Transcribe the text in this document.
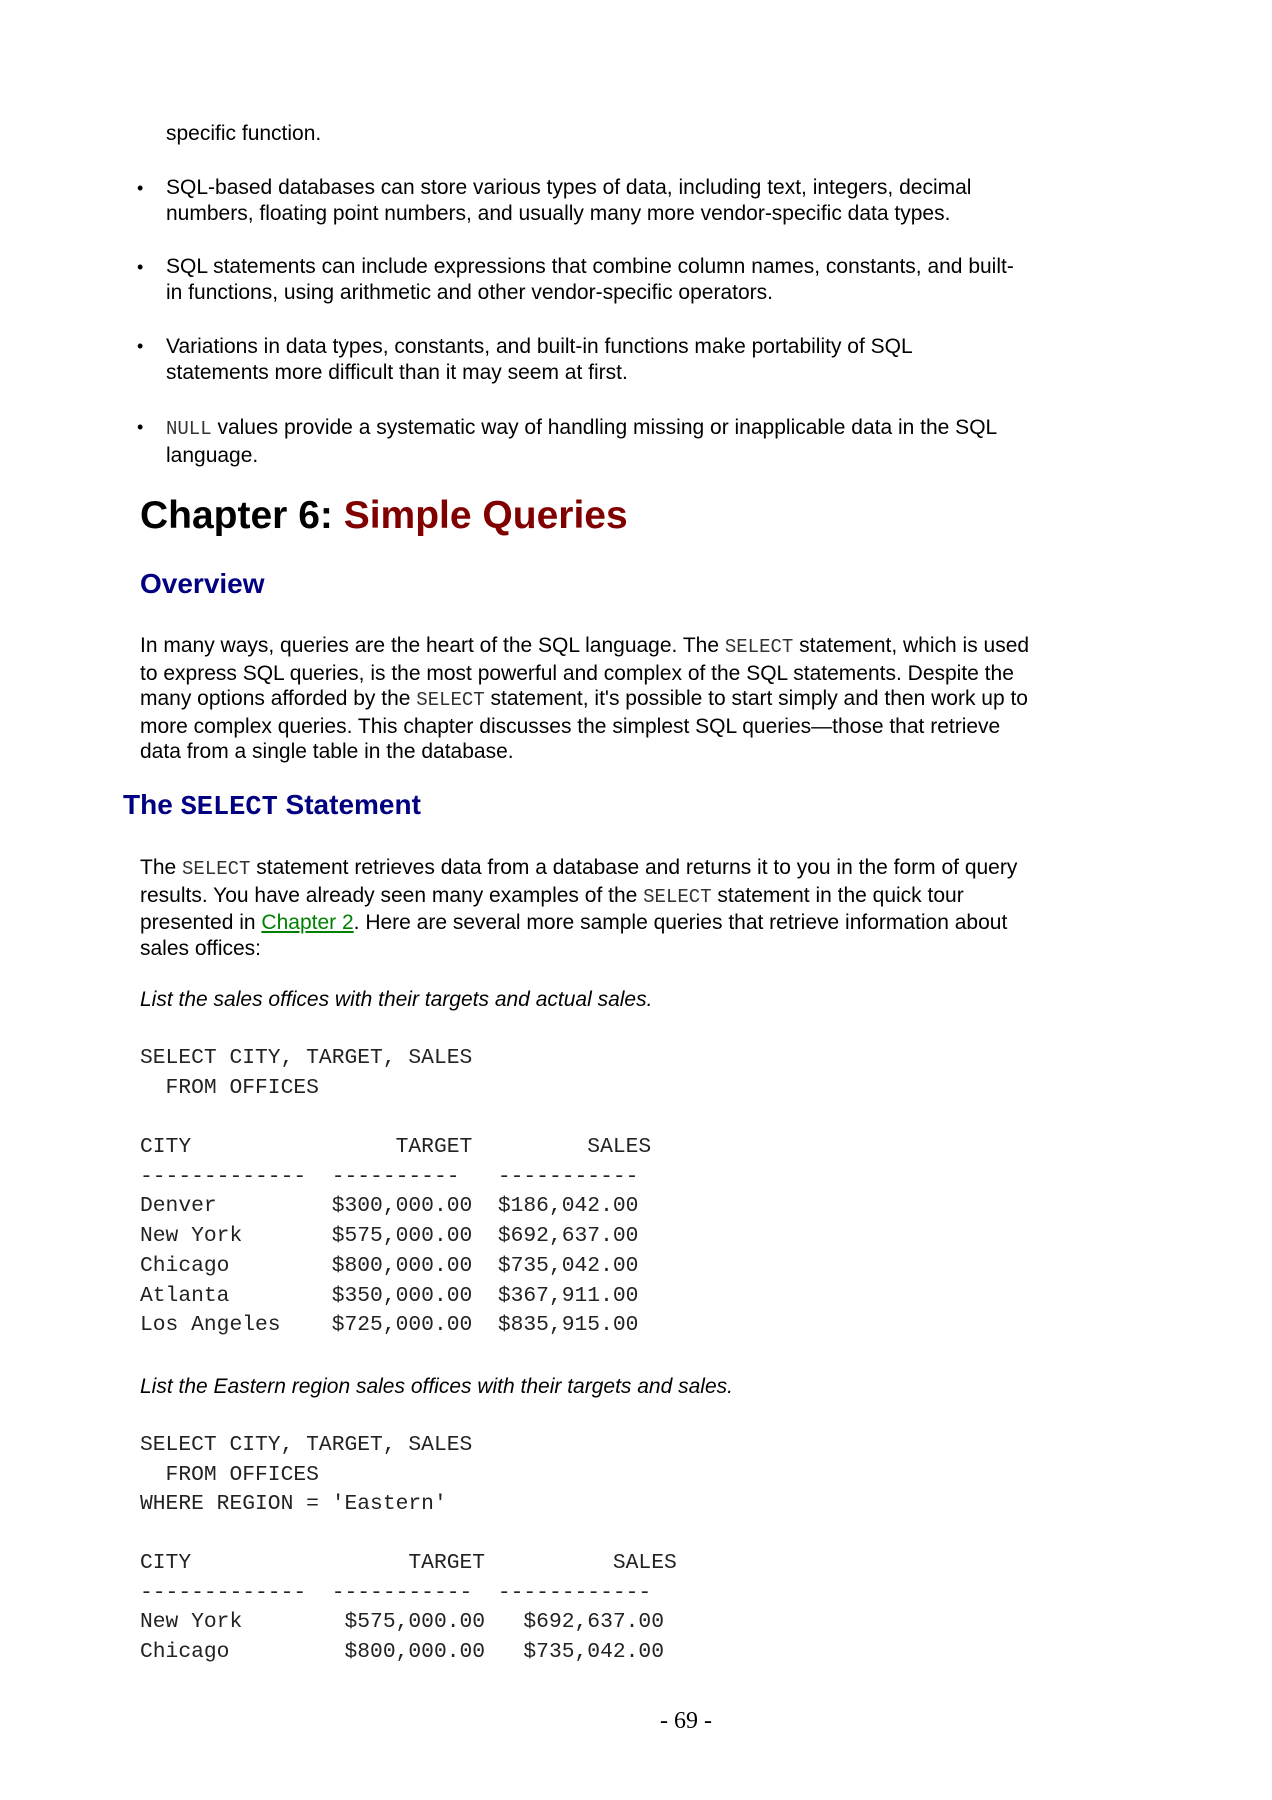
specific function.
• SQL-based databases can store various types of data, including text, integers, decimal numbers, floating point numbers, and usually many more vendor-specific data types.
• SQL statements can include expressions that combine column names, constants, and built-in functions, using arithmetic and other vendor-specific operators.
• Variations in data types, constants, and built-in functions make portability of SQL statements more difficult than it may seem at first.
• NULL values provide a systematic way of handling missing or inapplicable data in the SQL language.
Chapter 6: Simple Queries
Overview
In many ways, queries are the heart of the SQL language. The SELECT statement, which is used to express SQL queries, is the most powerful and complex of the SQL statements. Despite the many options afforded by the SELECT statement, it's possible to start simply and then work up to more complex queries. This chapter discusses the simplest SQL queries—those that retrieve data from a single table in the database.
The SELECT Statement
The SELECT statement retrieves data from a database and returns it to you in the form of query results. You have already seen many examples of the SELECT statement in the quick tour presented in Chapter 2. Here are several more sample queries that retrieve information about sales offices:
List the sales offices with their targets and actual sales.
SELECT CITY, TARGET, SALES
FROM OFFICES
CITY                TARGET         SALES
-------------  ----------   -----------
Denver         $300,000.00  $186,042.00
New York       $575,000.00  $692,637.00
Chicago        $800,000.00  $735,042.00
Atlanta        $350,000.00  $367,911.00
Los Angeles    $725,000.00  $835,915.00
List the Eastern region sales offices with their targets and sales.
SELECT CITY, TARGET, SALES
FROM OFFICES
WHERE REGION = 'Eastern'
CITY                 TARGET          SALES
-------------  -----------  ------------
New York        $575,000.00   $692,637.00
Chicago         $800,000.00   $735,042.00
- 69 -
